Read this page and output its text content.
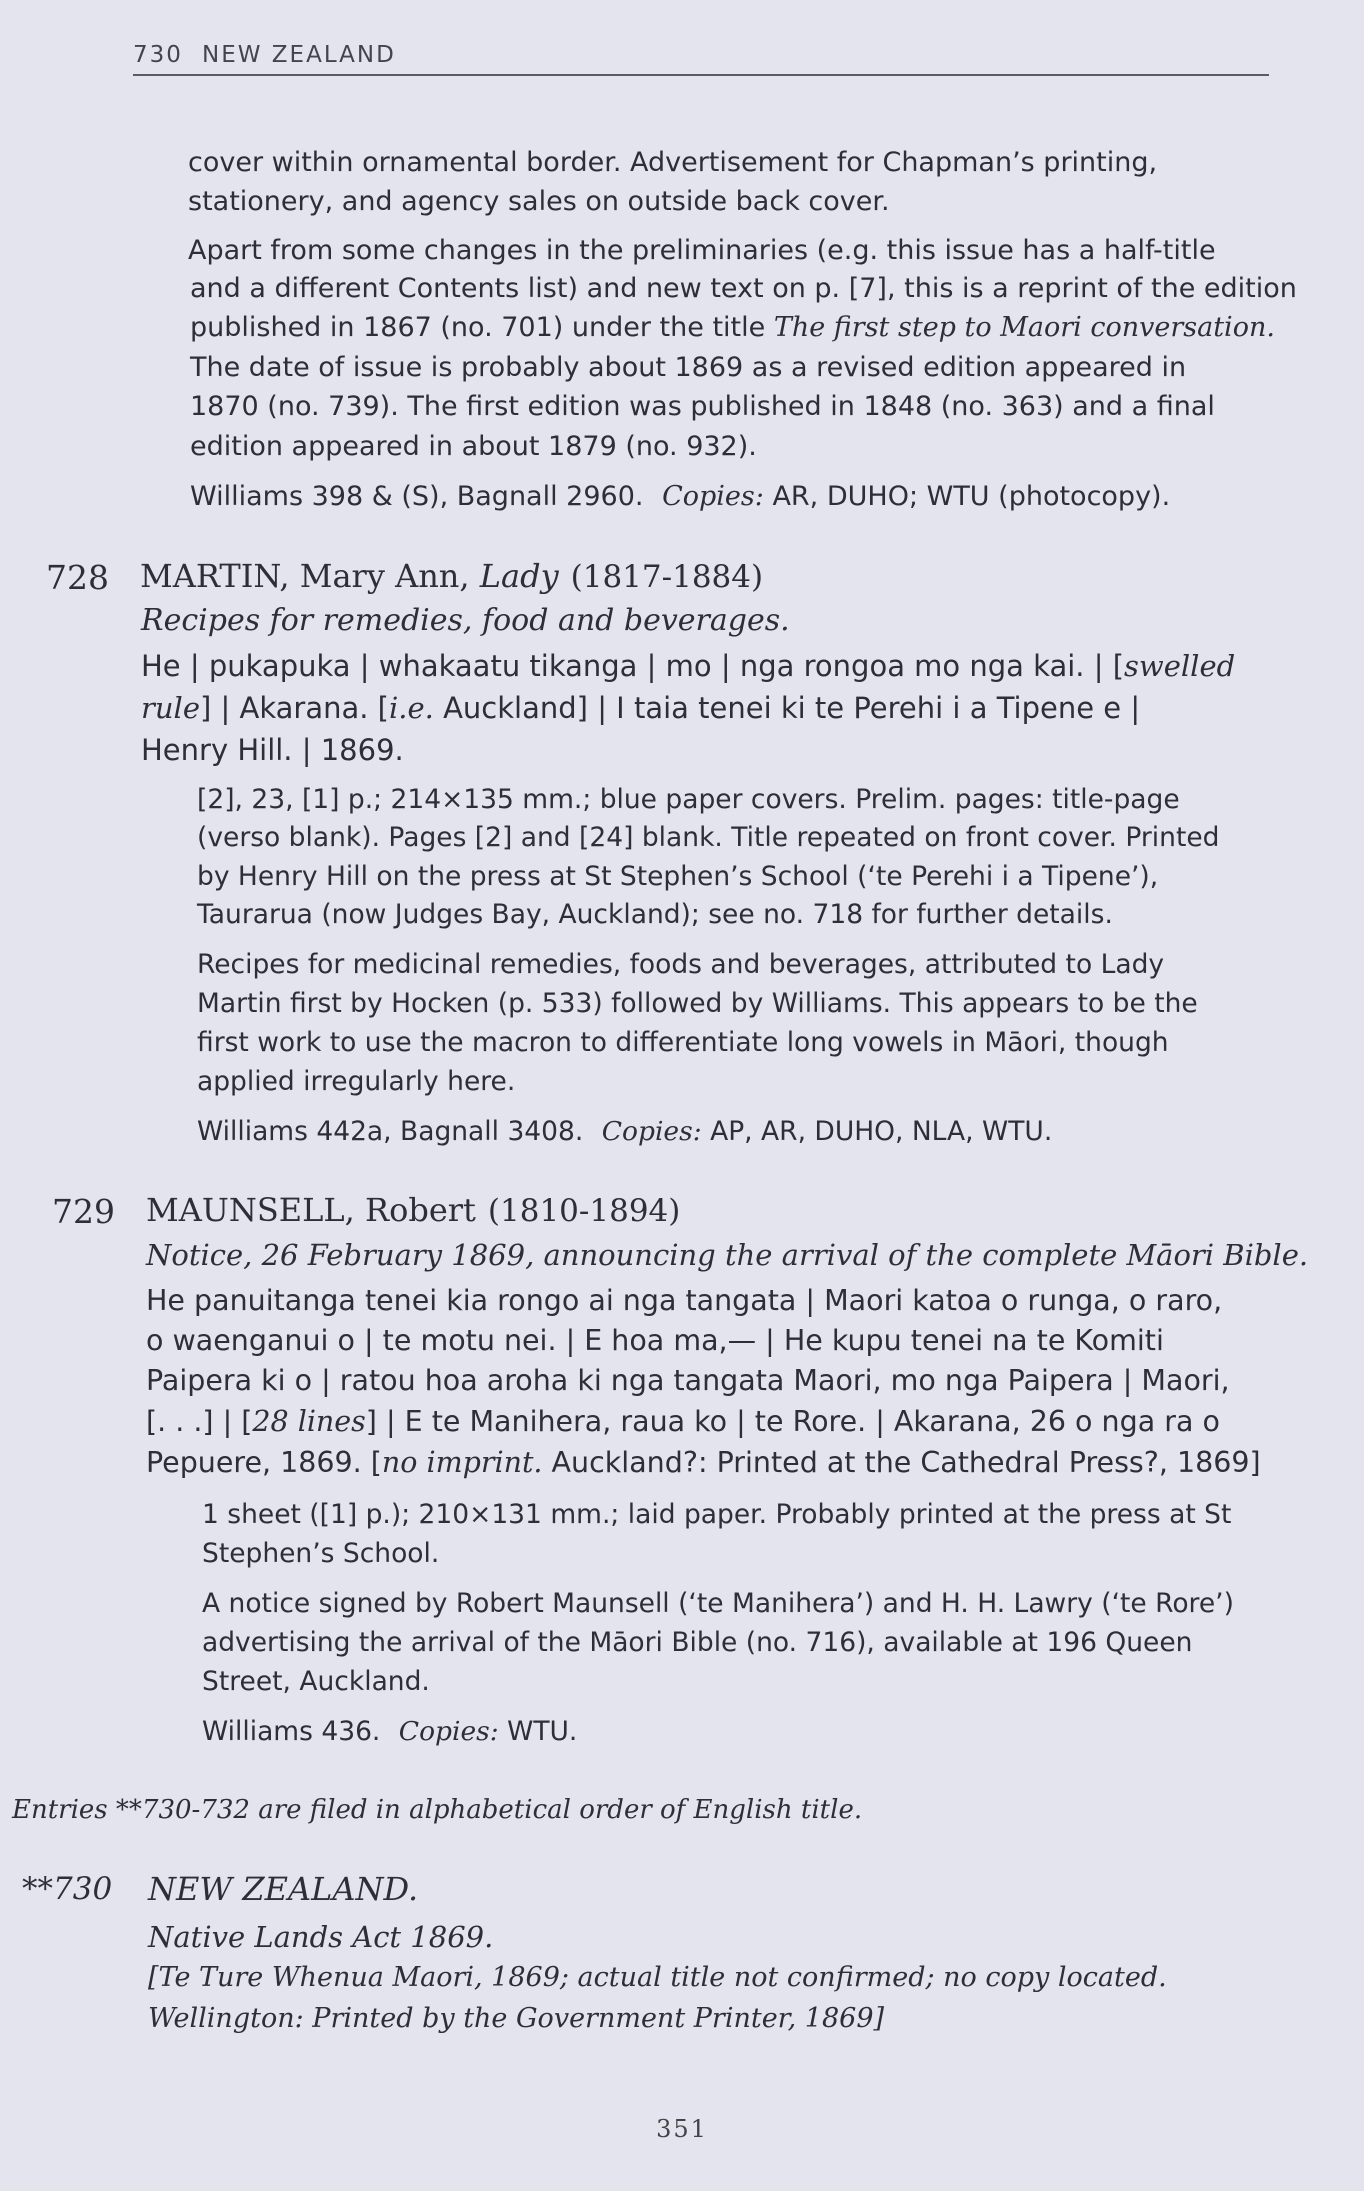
730 NEW ZEALAND
cover within ornamental border. Advertisement for Chapman’s printing,
stationery, and agency sales on outside back cover.
Apart from some changes in the preliminaries (e.g. this issue has a half-title
and a different Contents list) and new text on p. [7], this is a reprint of the edition
published in 1867 (no. 701) under the title The first step to Maori conversation.
The date of issue is probably about 1869 as a revised edition appeared in
1870 (no. 739). The first edition was published in 1848 (no. 363) and a final
edition appeared in about 1879 (no. 932).
Williams 398 & (S), Bagnall 2960. Copies: AR, DUHO; WTU (photocopy).
728 MARTIN, Mary Ann, Lady (1817-1884)
Recipes for remedies, food and beverages.
He | pukapuka | whakaatu tikanga | mo | nga rongoa mo nga kai. | [swelled
rule] | Akarana. [i.e. Auckland] | I taia tenei ki te Perehi i a Tipene e |
Henry Hill. | 1869.
[2], 23, [1] p.; 214×135 mm.; blue paper covers. Prelim. pages: title-page
(verso blank). Pages [2] and [24] blank. Title repeated on front cover. Printed
by Henry Hill on the press at St Stephen’s School (‘te Perehi i a Tipene’),
Taurarua (now Judges Bay, Auckland); see no. 718 for further details.
Recipes for medicinal remedies, foods and beverages, attributed to Lady
Martin first by Hocken (p. 533) followed by Williams. This appears to be the
first work to use the macron to differentiate long vowels in Māori, though
applied irregularly here.
Williams 442a, Bagnall 3408. Copies: AP, AR, DUHO, NLA, WTU.
729 MAUNSELL, Robert (1810-1894)
Notice, 26 February 1869, announcing the arrival of the complete Māori Bible.
He panuitanga tenei kia rongo ai nga tangata | Maori katoa o runga, o raro,
o waenganui o | te motu nei. | E hoa ma,— | He kupu tenei na te Komiti
Paipera ki o | ratou hoa aroha ki nga tangata Maori, mo nga Paipera | Maori,
[. . .] | [28 lines] | E te Manihera, raua ko | te Rore. | Akarana, 26 o nga ra o
Pepuere, 1869. [no imprint. Auckland?: Printed at the Cathedral Press?, 1869]
1 sheet ([1] p.); 210×131 mm.; laid paper. Probably printed at the press at St
Stephen’s School.
A notice signed by Robert Maunsell (‘te Manihera’) and H. H. Lawry (‘te Rore’)
advertising the arrival of the Māori Bible (no. 716), available at 196 Queen
Street, Auckland.
Williams 436. Copies: WTU.
Entries **730-732 are filed in alphabetical order of English title.
**730 NEW ZEALAND.
Native Lands Act 1869.
[Te Ture Whenua Maori, 1869; actual title not confirmed; no copy located.
Wellington: Printed by the Government Printer, 1869]
351
